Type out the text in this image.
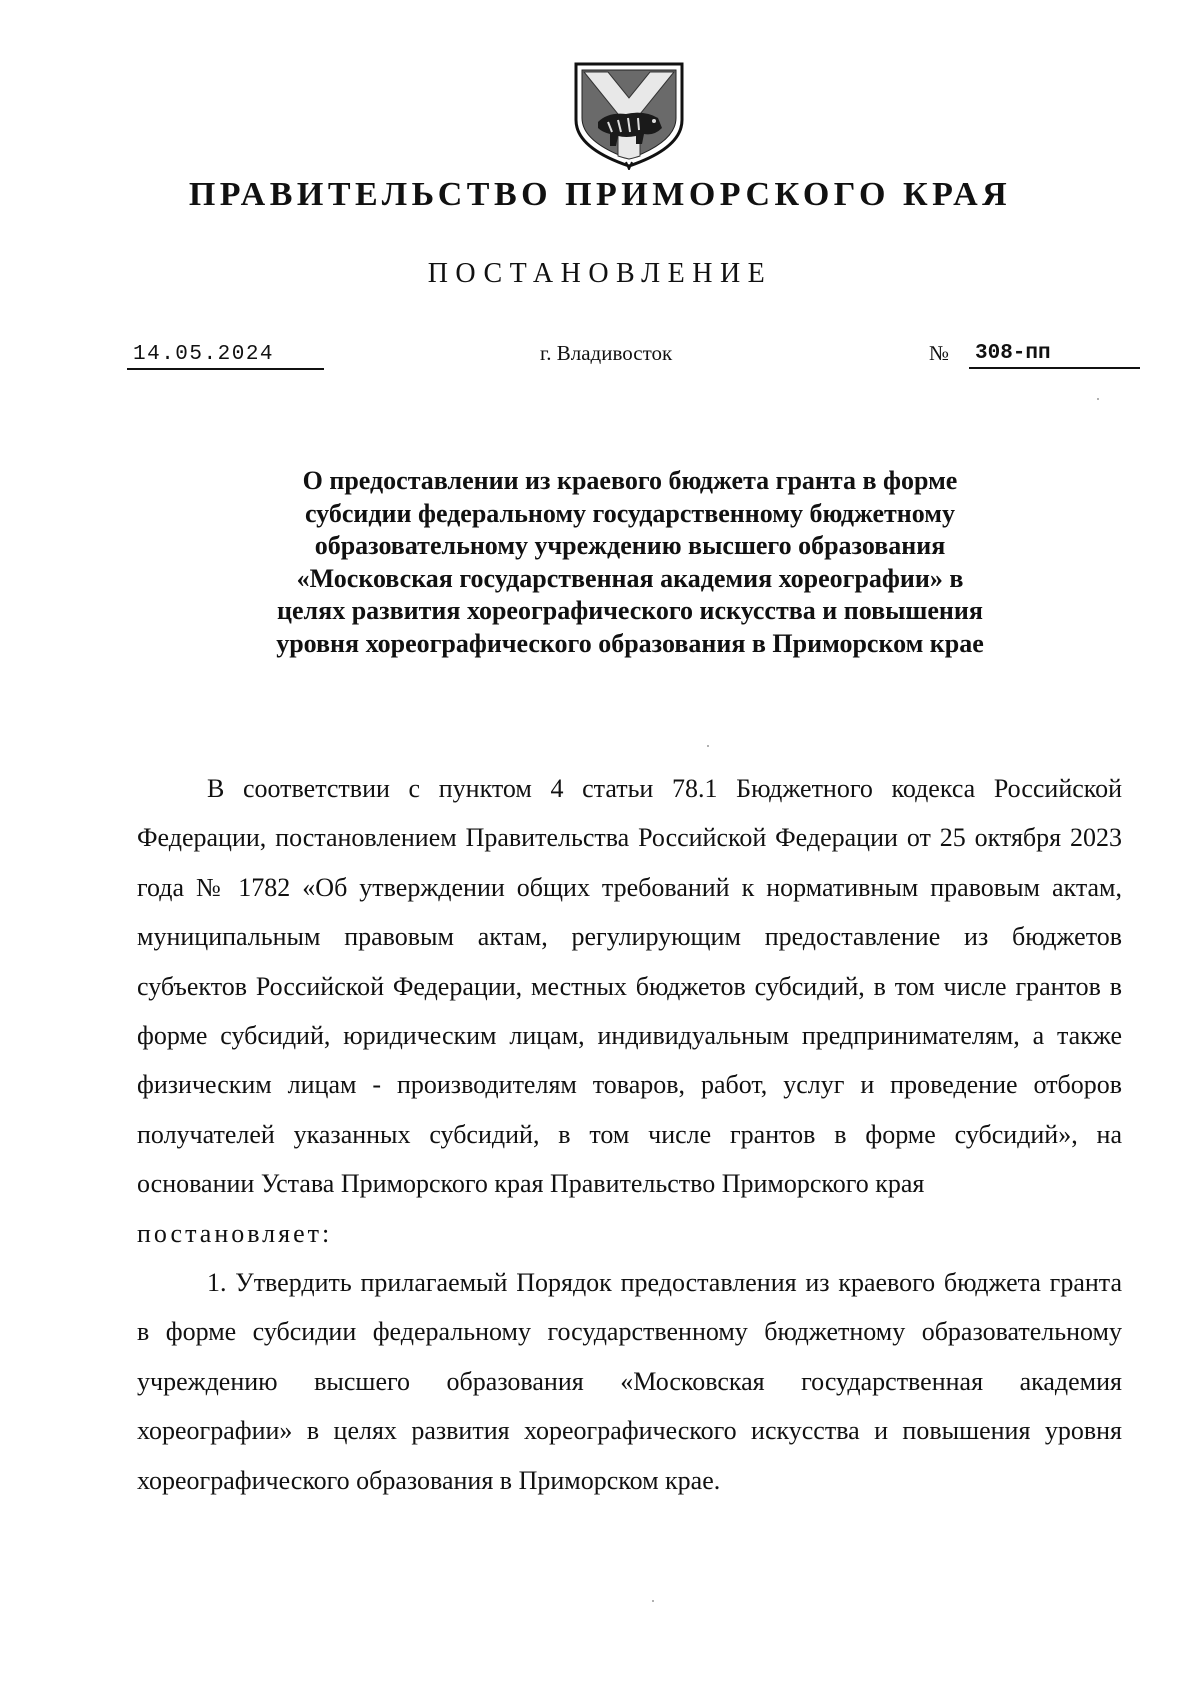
ПРАВИТЕЛЬСТВО ПРИМОРСКОГО КРАЯ
ПОСТАНОВЛЕНИЕ
14.05.2024	г. Владивосток	№ 308-пп
О предоставлении из краевого бюджета гранта в форме субсидии федеральному государственному бюджетному образовательному учреждению высшего образования «Московская государственная академия хореографии» в целях развития хореографического искусства и повышения уровня хореографического образования в Приморском крае

В соответствии с пунктом 4 статьи 78.1 Бюджетного кодекса Российской Федерации, постановлением Правительства Российской Федерации от 25 октября 2023 года № 1782 «Об утверждении общих требований к нормативным правовым актам, муниципальным правовым актам, регулирующим предоставление из бюджетов субъектов Российской Федерации, местных бюджетов субсидий, в том числе грантов в форме субсидий, юридическим лицам, индивидуальным предпринимателям, а также физическим лицам - производителям товаров, работ, услуг и проведение отборов получателей указанных субсидий, в том числе грантов в форме субсидий», на основании Устава Приморского края Правительство Приморского края

постановляет:

1. Утвердить прилагаемый Порядок предоставления из краевого бюджета гранта в форме субсидии федеральному государственному бюджетному образовательному учреждению высшего образования «Московская государственная академия хореографии» в целях развития хореографического искусства и повышения уровня хореографического образования в Приморском крае.
